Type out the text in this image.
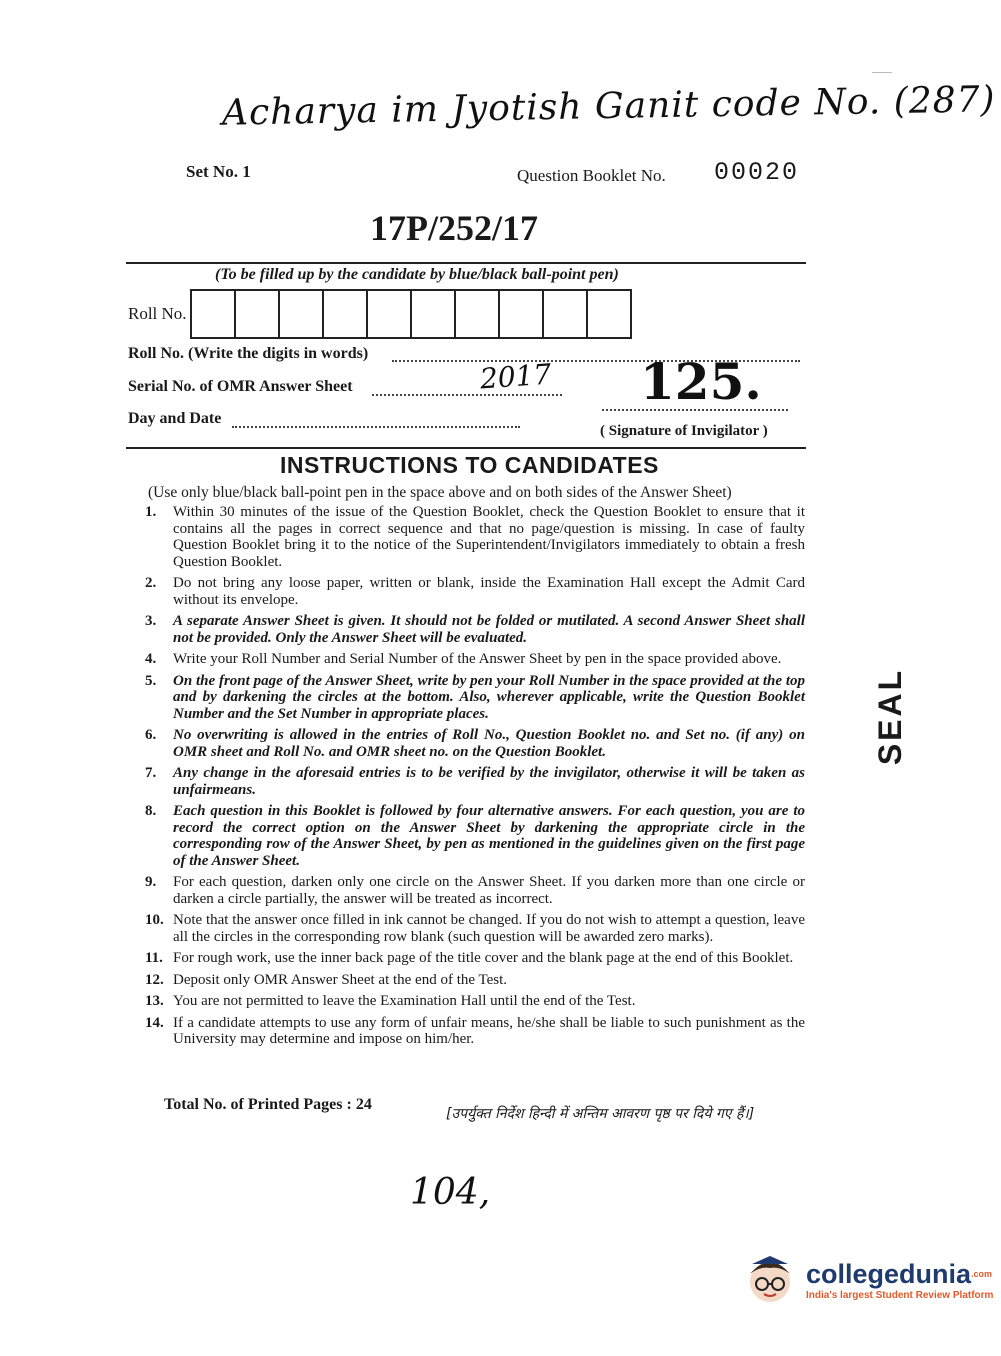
Acharya im Jyotish Ganit code No. (287)
Set No. 1	Question Booklet No. 00020
17P/252/17
(To be filled up by the candidate by blue/black ball-point pen)
Roll No.
Roll No. (Write the digits in words)
Serial No. of OMR Answer Sheet	2017 125.
Day and Date
( Signature of Invigilator )
INSTRUCTIONS TO CANDIDATES
(Use only blue/black ball-point pen in the space above and on both sides of the Answer Sheet)
1.	Within 30 minutes of the issue of the Question Booklet, check the Question Booklet to ensure that it contains all the pages in correct sequence and that no page/question is missing. In case of faulty Question Booklet bring it to the notice of the Superintendent/Invigilators immediately to obtain a fresh Question Booklet.
2.	Do not bring any loose paper, written or blank, inside the Examination Hall except the Admit Card without its envelope.
3.	A separate Answer Sheet is given. It should not be folded or mutilated. A second Answer Sheet shall not be provided. Only the Answer Sheet will be evaluated.
4.	Write your Roll Number and Serial Number of the Answer Sheet by pen in the space provided above.
5.	On the front page of the Answer Sheet, write by pen your Roll Number in the space provided at the top and by darkening the circles at the bottom. Also, wherever applicable, write the Question Booklet Number and the Set Number in appropriate places.
6.	No overwriting is allowed in the entries of Roll No., Question Booklet no. and Set no. (if any) on OMR sheet and Roll No. and OMR sheet no. on the Question Booklet.
7.	Any change in the aforesaid entries is to be verified by the invigilator, otherwise it will be taken as unfairmeans.
8.	Each question in this Booklet is followed by four alternative answers. For each question, you are to record the correct option on the Answer Sheet by darkening the appropriate circle in the corresponding row of the Answer Sheet, by pen as mentioned in the guidelines given on the first page of the Answer Sheet.
9.	For each question, darken only one circle on the Answer Sheet. If you darken more than one circle or darken a circle partially, the answer will be treated as incorrect.
10. Note that the answer once filled in ink cannot be changed. If you do not wish to attempt a question, leave all the circles in the corresponding row blank (such question will be awarded zero marks).
11. For rough work, use the inner back page of the title cover and the blank page at the end of this Booklet.
12. Deposit only OMR Answer Sheet at the end of the Test.
13. You are not permitted to leave the Examination Hall until the end of the Test.
14. If a candidate attempts to use any form of unfair means, he/she shall be liable to such punishment as the University may determine and impose on him/her.
SEAL
Total No. of Printed Pages : 24
[उपर्युक्त निर्देश हिन्दी में अन्तिम आवरण पृष्ठ पर दिये गए हैं।]
104,
collegedunia$^{.com}$
India's largest Student Review Platform
